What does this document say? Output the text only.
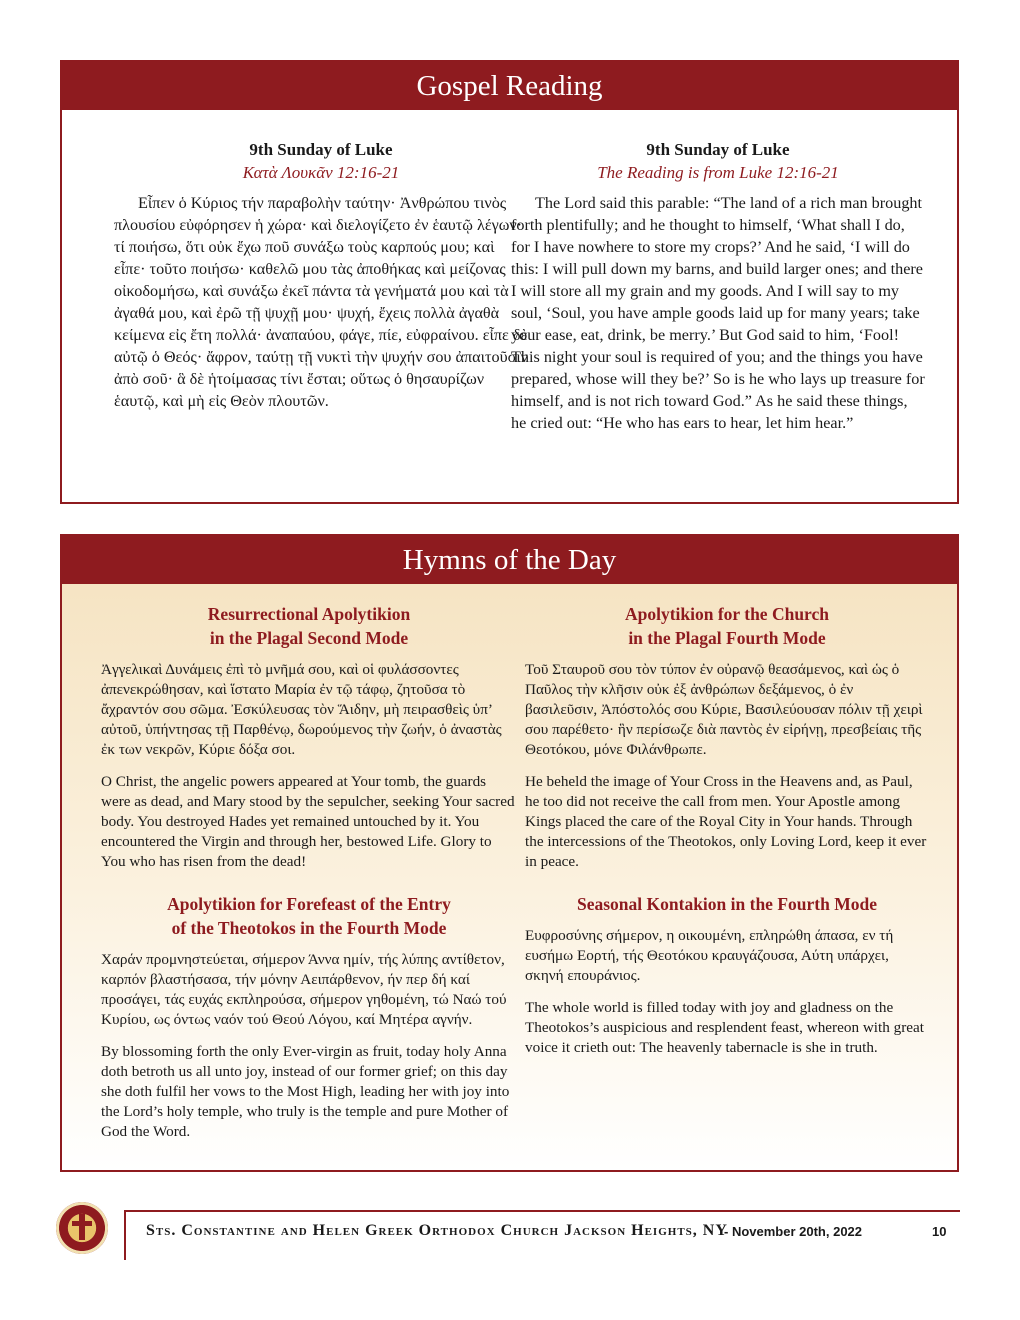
Gospel Reading
9th Sunday of Luke
Κατὰ Λουκᾶν 12:16-21

Εἶπεν ὁ Κύριος τήν παραβολὴν ταύτην· Ἀνθρώπου τινὸς πλουσίου εὐφόρησεν ἡ χώρα· καὶ διελογίζετο ἐν ἑαυτῷ λέγων· τί ποιήσω, ὅτι οὐκ ἔχω ποῦ συνάξω τοὺς καρπούς μου; καὶ εἶπε· τοῦτο ποιήσω· καθελῶ μου τὰς ἀποθήκας καὶ μείζονας οἰκοδομήσω, καὶ συνάξω ἐκεῖ πάντα τὰ γενήματά μου καὶ τὰ ἀγαθά μου, καὶ ἐρῶ τῇ ψυχῇ μου· ψυχή, ἔχεις πολλὰ ἀγαθὰ κείμενα εἰς ἔτη πολλά· ἀναπαύου, φάγε, πίε, εὐφραίνου. εἶπε δὲ αὐτῷ ὁ Θεός· ἄφρον, ταύτῃ τῇ νυκτὶ τὴν ψυχήν σου ἀπαιτοῦσιν ἀπὸ σοῦ· ἃ δὲ ἡτοίμασας τίνι ἔσται; οὕτως ὁ θησαυρίζων ἑαυτῷ, καὶ μὴ εἰς Θεὸν πλουτῶν.

9th Sunday of Luke
The Reading is from Luke 12:16-21

The Lord said this parable: “The land of a rich man brought forth plentifully; and he thought to himself, ‘What shall I do, for I have nowhere to store my crops?’ And he said, ‘I will do this: I will pull down my barns, and build larger ones; and there I will store all my grain and my goods. And I will say to my soul, ‘Soul, you have ample goods laid up for many years; take your ease, eat, drink, be merry.’ But God said to him, ‘Fool! This night your soul is required of you; and the things you have prepared, whose will they be?’ So is he who lays up treasure for himself, and is not rich toward God.” As he said these things, he cried out: “He who has ears to hear, let him hear.”

Hymns of the Day
Resurrectional Apolytikion
in the Plagal Second Mode

Ἀγγελικαὶ Δυνάμεις ἐπὶ τὸ μνῆμά σου, καὶ οἱ φυλάσσοντες ἀπενεκρώθησαν, καὶ ἵστατο Μαρία ἐν τῷ τάφῳ, ζητοῦσα τὸ ἄχραντόν σου σῶμα. Ἐσκύλευσας τὸν Ἅιδην, μὴ πειρασθεὶς ὑπ’ αὐτοῦ, ὑπήντησας τῇ Παρθένῳ, δωρούμενος τὴν ζωήν, ὁ ἀναστὰς ἐκ των νεκρῶν, Κύριε δόξα σοι.

O Christ, the angelic powers appeared at Your tomb, the guards were as dead, and Mary stood by the sepulcher, seeking Your sacred body. You destroyed Hades yet remained untouched by it. You encountered the Virgin and through her, bestowed Life. Glory to You who has risen from the dead!

Apolytikion for Forefeast of the Entry
of the Theotokos in the Fourth Mode

Χαράν προμνηστεύεται, σήμερον Άννα ημίν, τής λύπης αντίθετον, καρπόν βλαστήσασα, τήν μόνην Αειπάρθενον, ήν περ δή καί προσάγει, τάς ευχάς εκπληρούσα, σήμερον γηθομένη, τώ Ναώ τού Κυρίου, ως όντως ναόν τού Θεού Λόγου, καί Μητέρα αγνήν.

By blossoming forth the only Ever-virgin as fruit, today holy Anna doth betroth us all unto joy, instead of our former grief; on this day she doth fulfil her vows to the Most High, leading her with joy into the Lord’s holy temple, who truly is the temple and pure Mother of God the Word.

Apolytikion for the Church
in the Plagal Fourth Mode

Τοῦ Σταυροῦ σου τὸν τύπον ἐν οὐρανῷ θεασάμενος, καὶ ὡς ὁ Παῦλος τὴν κλῆσιν οὐκ ἐξ ἀνθρώπων δεξάμενος, ὁ ἐν βασιλεῦσιν, Ἀπόστολός σου Κύριε, Βασιλεύουσαν πόλιν τῇ χειρὶ σου παρέθετο· ἣν περίσωζε διὰ παντὸς ἐν εἰρήνῃ, πρεσβείαις τῆς Θεοτόκου, μόνε Φιλάνθρωπε.

He beheld the image of Your Cross in the Heavens and, as Paul, he too did not receive the call from men. Your Apostle among Kings placed the care of the Royal City in Your hands. Through the intercessions of the Theotokos, only Loving Lord, keep it ever in peace.

Seasonal Kontakion in the Fourth Mode

Ευφροσύνης σήμερον, η οικουμένη, επληρώθη άπασα, εν τή ευσήμω Εορτή, τής Θεοτόκου κραυγάζουσα, Αύτη υπάρχει, σκηνή επουράνιος.

The whole world is filled today with joy and gladness on the Theotokos’s auspicious and resplendent feast, whereon with great voice it crieth out: The heavenly tabernacle is she in truth.

Sts. Constantine and Helen Greek Orthodox Church Jackson Heights, NY
- November 20th, 2022	10
